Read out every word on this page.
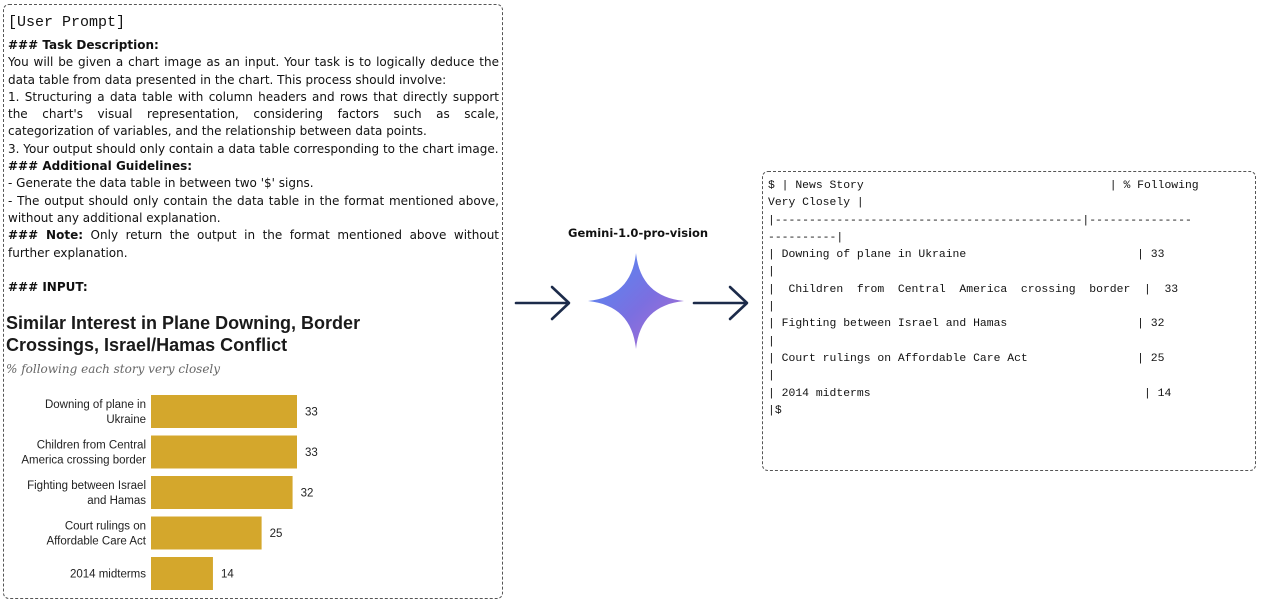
[User Prompt]

### Task Description:

You will be given a chart image as an input. Your task is to logically deduce the data table from data presented in the chart. This process should involve:

1. Structuring a data table with column headers and rows that directly support the chart's visual representation, considering factors such as scale, categorization of variables, and the relationship between data points.

3. Your output should only contain a data table corresponding to the chart image.

### Additional Guidelines:

- Generate the data table in between two '$' signs.

- The output should only contain the data table in the format mentioned above, without any additional explanation.

### Note: Only return the output in the format mentioned above without further explanation.

### INPUT:

Similar Interest in Plane Downing, Border Crossings, Israel/Hamas Conflict
% following each story very closely
Downing of plane in Ukraine
33
Children from Central America crossing border
33
Fighting between Israel and Hamas
32
Court rulings on Affordable Care Act
25
2014 midterms	14
Gemini-1.0-pro-vision
$ | News Story                                    | % Following
Very Closely |
|---------------------------------------------|---------------
----------|
| Downing of plane in Ukraine                         | 33
|
|  Children  from  Central  America  crossing  border  |  33
|
| Fighting between Israel and Hamas                   | 32
|
| Court rulings on Affordable Care Act                | 25
|
| 2014 midterms                                        | 14
|$
